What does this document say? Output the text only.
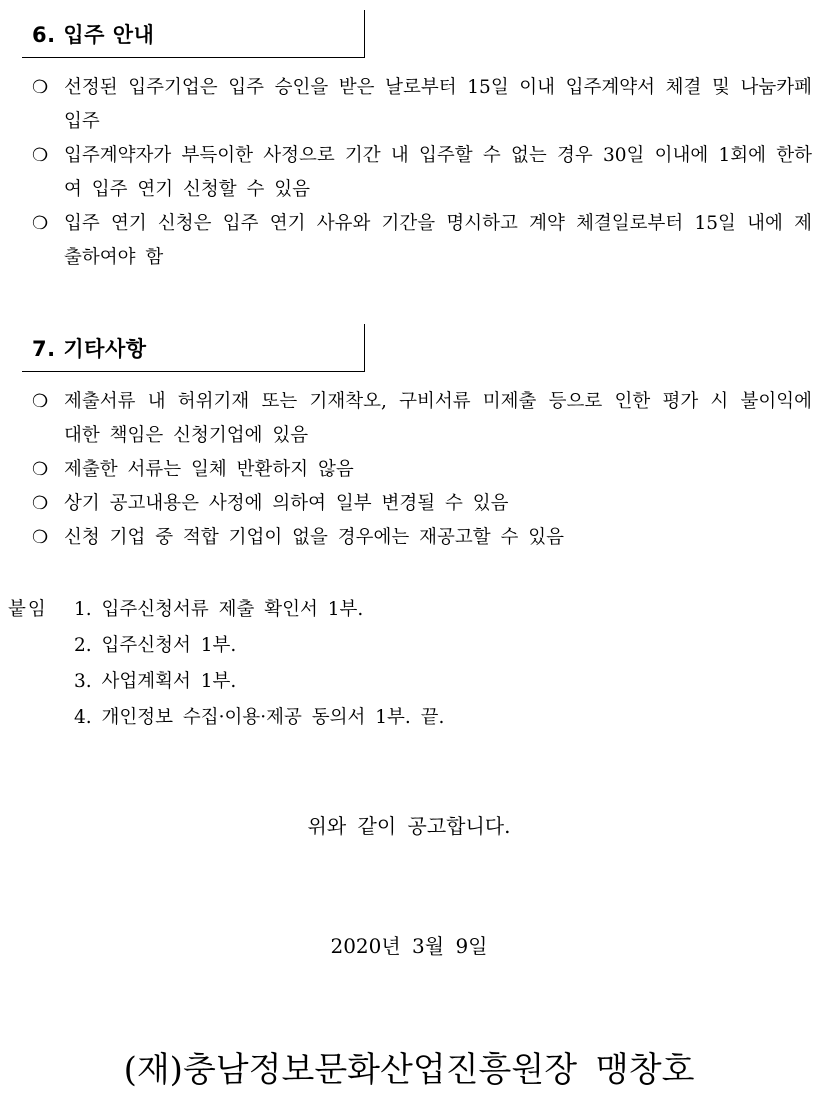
6. 입주 안내
❍ 선정된 입주기업은 입주 승인을 받은 날로부터 15일 이내 입주계약서 체결 및 나눔카페 입주
❍ 입주계약자가 부득이한 사정으로 기간 내 입주할 수 없는 경우 30일 이내에 1회에 한하여 입주 연기 신청할 수 있음
❍ 입주 연기 신청은 입주 연기 사유와 기간을 명시하고 계약 체결일로부터 15일 내에 제출하여야 함
7. 기타사항
❍ 제출서류 내 허위기재 또는 기재착오, 구비서류 미제출 등으로 인한 평가 시 불이익에 대한 책임은 신청기업에 있음
❍ 제출한 서류는 일체 반환하지 않음
❍ 상기 공고내용은 사정에 의하여 일부 변경될 수 있음
❍ 신청 기업 중 적합 기업이 없을 경우에는 재공고할 수 있음
붙임 1. 입주신청서류 제출 확인서 1부.
2. 입주신청서 1부.
3. 사업계획서 1부.
4. 개인정보 수집·이용·제공 동의서 1부. 끝.
위와 같이 공고합니다.
2020년 3월 9일
(재)충남정보문화산업진흥원장 맹창호
